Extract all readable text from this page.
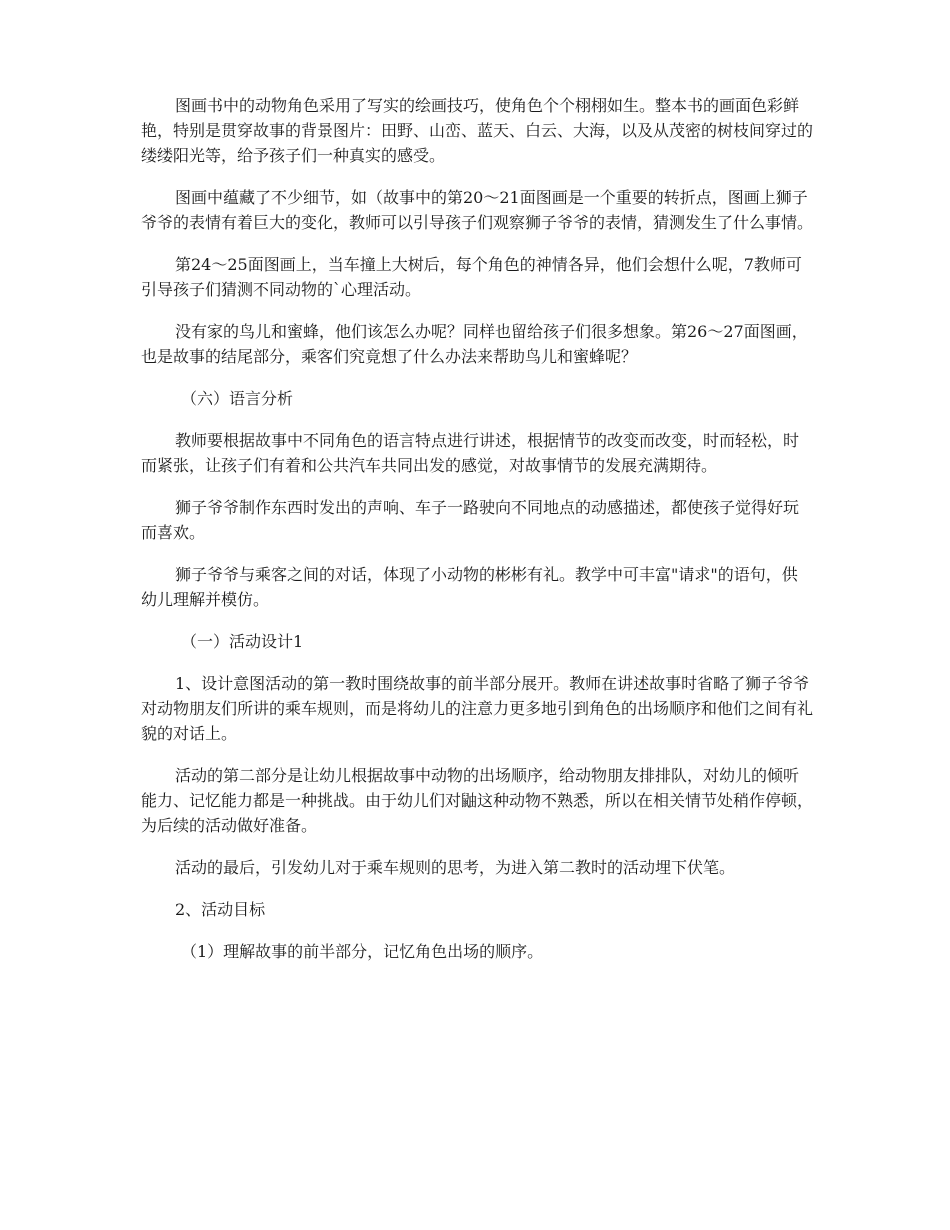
图画书中的动物角色采用了写实的绘画技巧，使角色个个栩栩如生。整本书的画面色彩鲜艳，特别是贯穿故事的背景图片：田野、山峦、蓝天、白云、大海，以及从茂密的树枝间穿过的缕缕阳光等，给予孩子们一种真实的感受。

图画中蕴藏了不少细节，如（故事中的第20～21面图画是一个重要的转折点，图画上狮子爷爷的表情有着巨大的变化，教师可以引导孩子们观察狮子爷爷的表情，猜测发生了什么事情。

第24～25面图画上，当车撞上大树后，每个角色的神情各异，他们会想什么呢，7教师可引导孩子们猜测不同动物的`心理活动。

没有家的鸟儿和蜜蜂，他们该怎么办呢？同样也留给孩子们很多想象。第26～27面图画，也是故事的结尾部分，乘客们究竟想了什么办法来帮助鸟儿和蜜蜂呢？

（六）语言分析

教师要根据故事中不同角色的语言特点进行讲述，根据情节的改变而改变，时而轻松，时而紧张，让孩子们有着和公共汽车共同出发的感觉，对故事情节的发展充满期待。

狮子爷爷制作东西时发出的声响、车子一路驶向不同地点的动感描述，都使孩子觉得好玩而喜欢。

狮子爷爷与乘客之间的对话，体现了小动物的彬彬有礼。教学中可丰富"请求"的语句，供幼儿理解并模仿。

（一）活动设计1

1、设计意图活动的第一教时围绕故事的前半部分展开。教师在讲述故事时省略了狮子爷爷对动物朋友们所讲的乘车规则，而是将幼儿的注意力更多地引到角色的出场顺序和他们之间有礼貌的对话上。

活动的第二部分是让幼儿根据故事中动物的出场顺序，给动物朋友排排队，对幼儿的倾听能力、记忆能力都是一种挑战。由于幼儿们对鼬这种动物不熟悉，所以在相关情节处稍作停顿，为后续的活动做好准备。

活动的最后，引发幼儿对于乘车规则的思考，为进入第二教时的活动埋下伏笔。

2、活动目标

（1）理解故事的前半部分，记忆角色出场的顺序。
